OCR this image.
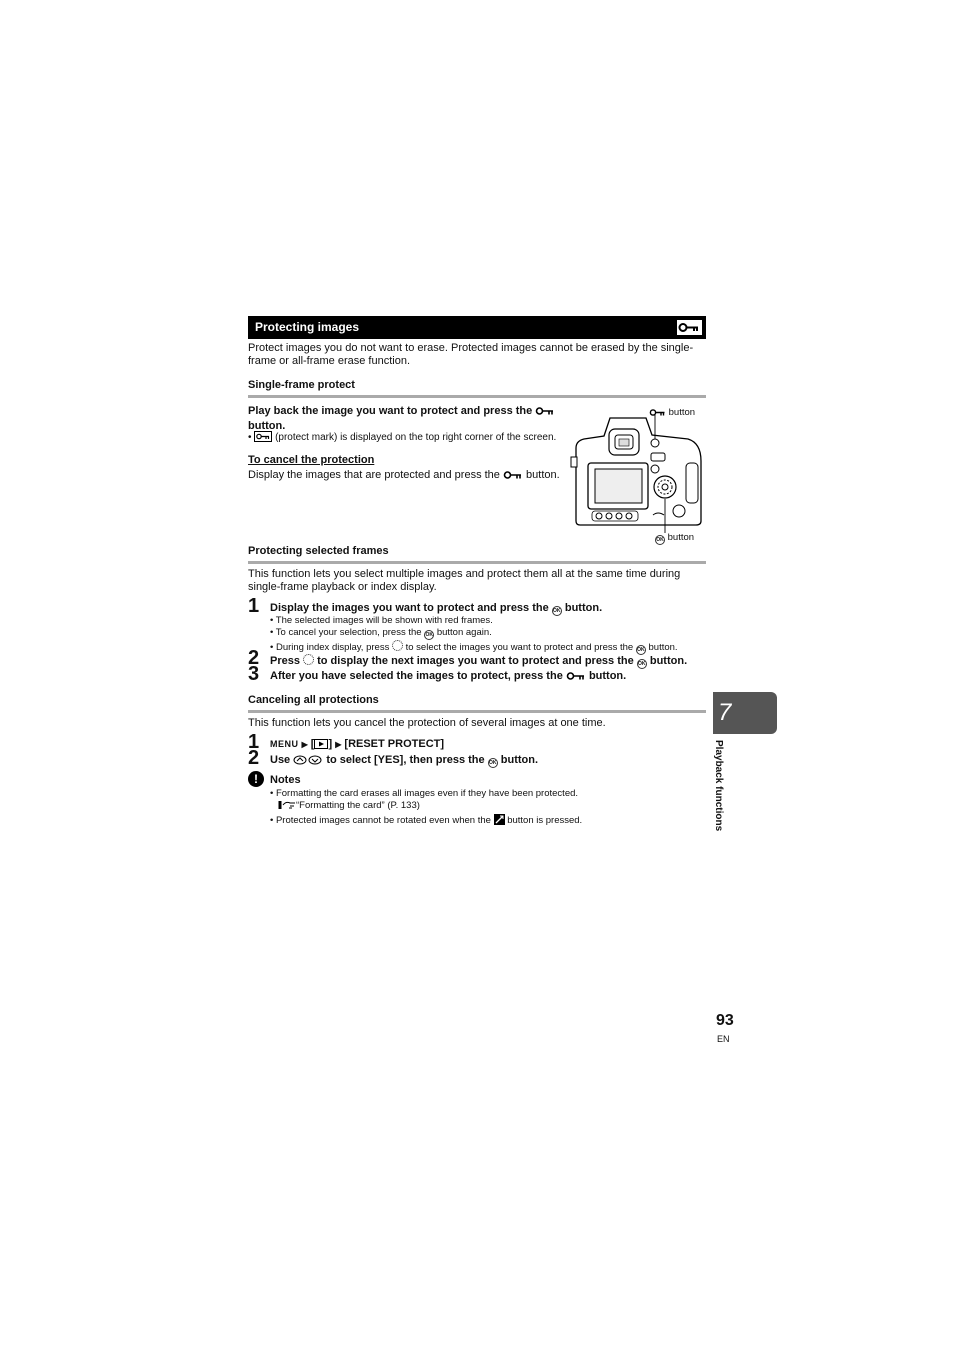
Protecting images
Protect images you do not want to erase. Protected images cannot be erased by the single-
frame or all-frame erase function.
Single-frame protect
Play back the image you want to protect and press the
button.
•  (protect mark) is displayed on the top right corner of the screen.
To cancel the protection
Display the images that are protected and press the button.
button
OK button
Protecting selected frames
This function lets you select multiple images and protect them all at the same time during
single-frame playback or index display.
1 Display the images you want to protect and press the OK button.
• The selected images will be shown with red frames.
• To cancel your selection, press the OK button again.
• During index display, press to select the images you want to protect and press the OK button.
2 Press to display the next images you want to protect and press the OK button.
3 After you have selected the images to protect, press the button.
Canceling all protections
This function lets you cancel the protection of several images at one time.
1 MENU ▶ [ ] ▶ [RESET PROTECT]
2 Use	to select [YES], then press the OK button.
!	Notes
• Formatting the card erases all images even if they have been protected.
“Formatting the card” (P. 133)
• Protected images cannot be rotated even when the button is pressed.
7
Playback functions
93
EN
